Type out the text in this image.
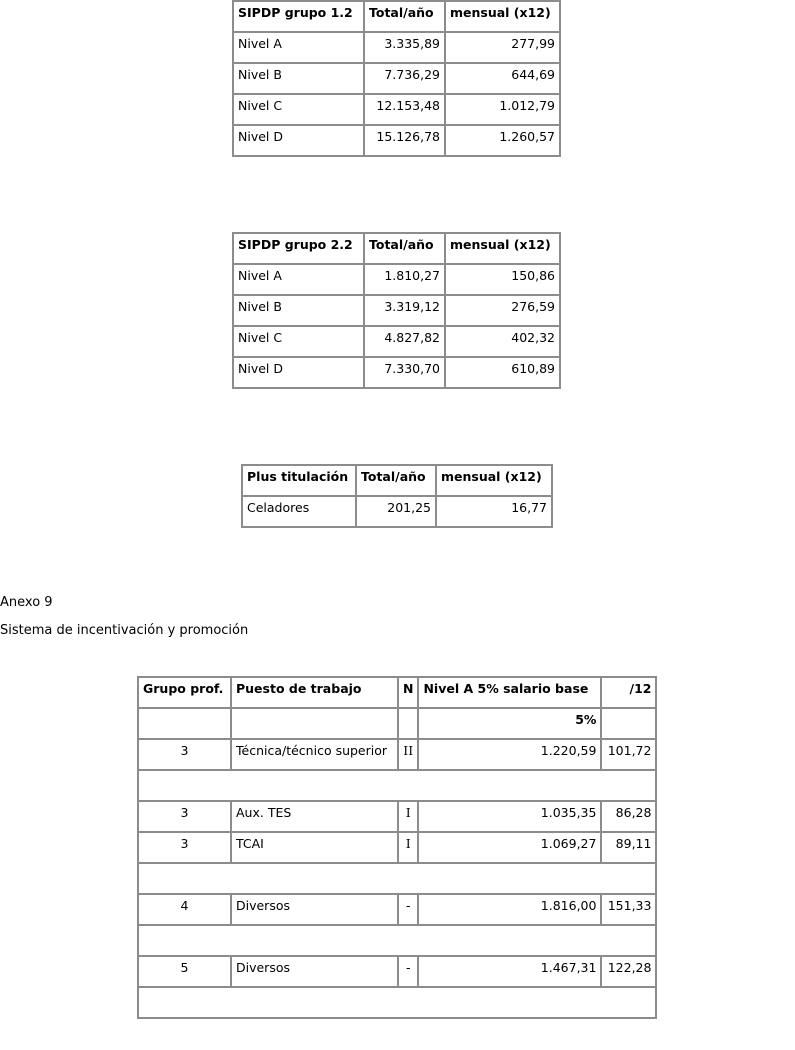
SIPDP grupo 1.2	Total/año	mensual (x12)
Nivel A	3.335,89	277,99
Nivel B	7.736,29	644,69
Nivel C	12.153,48	1.012,79
Nivel D	15.126,78	1.260,57
SIPDP grupo 2.2	Total/año	mensual (x12)
Nivel A	1.810,27	150,86
Nivel B	3.319,12	276,59
Nivel C	4.827,82	402,32
Nivel D	7.330,70	610,89
Plus titulación	Total/año	mensual (x12)
Celadores	201,25	16,77
Anexo 9
Sistema de incentivación y promoción
Grupo prof.	Puesto de trabajo	N	Nivel A 5% salario base	/12
			5%	
3	Técnica/técnico superior	II	1.220,59	101,72

3	Aux. TES	I	1.035,35	86,28
3	TCAI	I	1.069,27	89,11

4	Diversos	-	1.816,00	151,33

5	Diversos	-	1.467,31	122,28
